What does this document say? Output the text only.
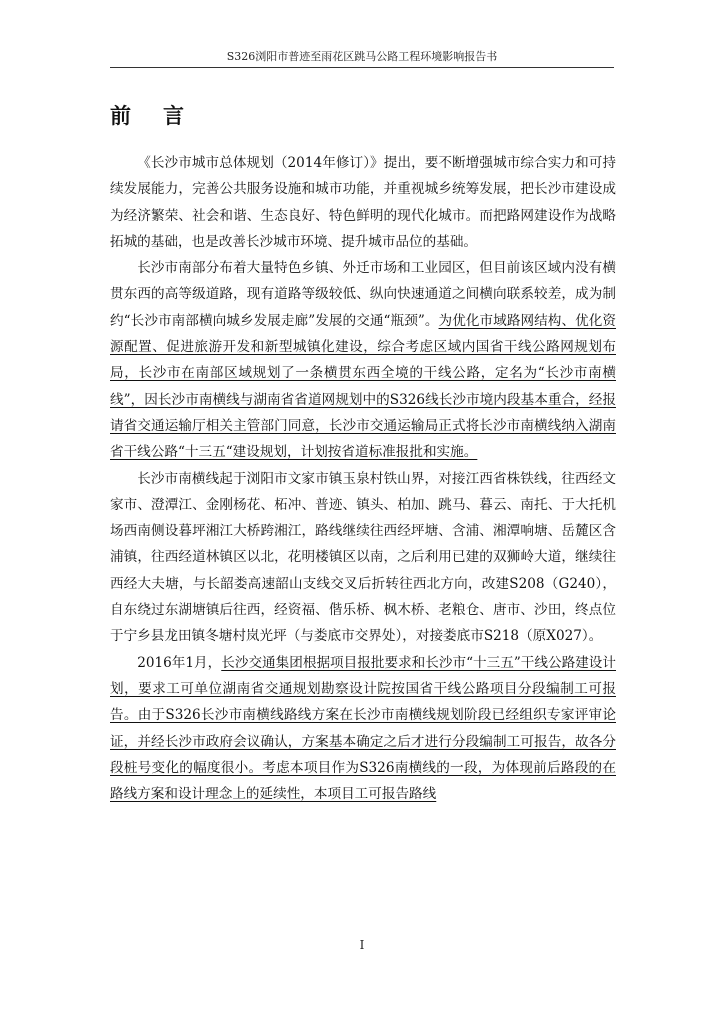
S326浏阳市普迹至雨花区跳马公路工程环境影响报告书
前言

《长沙市城市总体规划（2014年修订）》提出，要不断增强城市综合实力和可持续发展能力，完善公共服务设施和城市功能，并重视城乡统筹发展，把长沙市建设成为经济繁荣、社会和谐、生态良好、特色鲜明的现代化城市。而把路网建设作为战略拓城的基础，也是改善长沙城市环境、提升城市品位的基础。

长沙市南部分布着大量特色乡镇、外迁市场和工业园区，但目前该区域内没有横贯东西的高等级道路，现有道路等级较低、纵向快速通道之间横向联系较差，成为制约“长沙市南部横向城乡发展走廊”发展的交通“瓶颈”。为优化市域路网结构、优化资源配置、促进旅游开发和新型城镇化建设，综合考虑区域内国省干线公路网规划布局，长沙市在南部区域规划了一条横贯东西全境的干线公路，定名为“长沙市南横线”，因长沙市南横线与湖南省省道网规划中的S326线长沙市境内段基本重合，经报请省交通运输厅相关主管部门同意，长沙市交通运输局正式将长沙市南横线纳入湖南省干线公路“十三五“建设规划，计划按省道标准报批和实施。

长沙市南横线起于浏阳市文家市镇玉泉村铁山界，对接江西省株铁线，往西经文家市、澄潭江、金刚杨花、柘冲、普迹、镇头、柏加、跳马、暮云、南托、于大托机场西南侧设暮坪湘江大桥跨湘江，路线继续往西经坪塘、含浦、湘潭响塘、岳麓区含浦镇，往西经道林镇区以北，花明楼镇区以南，之后利用已建的双狮岭大道，继续往西经大夫塘，与长韶娄高速韶山支线交叉后折转往西北方向，改建S208（G240），自东绕过东湖塘镇后往西，经资福、偕乐桥、枫木桥、老粮仓、唐市、沙田，终点位于宁乡县龙田镇冬塘村岚光坪（与娄底市交界处），对接娄底市S218（原X027）。

2016年1月，长沙交通集团根据项目报批要求和长沙市“十三五”干线公路建设计划，要求工可单位湖南省交通规划勘察设计院按国省干线公路项目分段编制工可报告。由于S326长沙市南横线路线方案在长沙市南横线规划阶段已经组织专家评审论证，并经长沙市政府会议确认，方案基本确定之后才进行分段编制工可报告，故各分段桩号变化的幅度很小。考虑本项目作为S326南横线的一段，为体现前后路段的在路线方案和设计理念上的延续性，本项目工可报告路线

I
